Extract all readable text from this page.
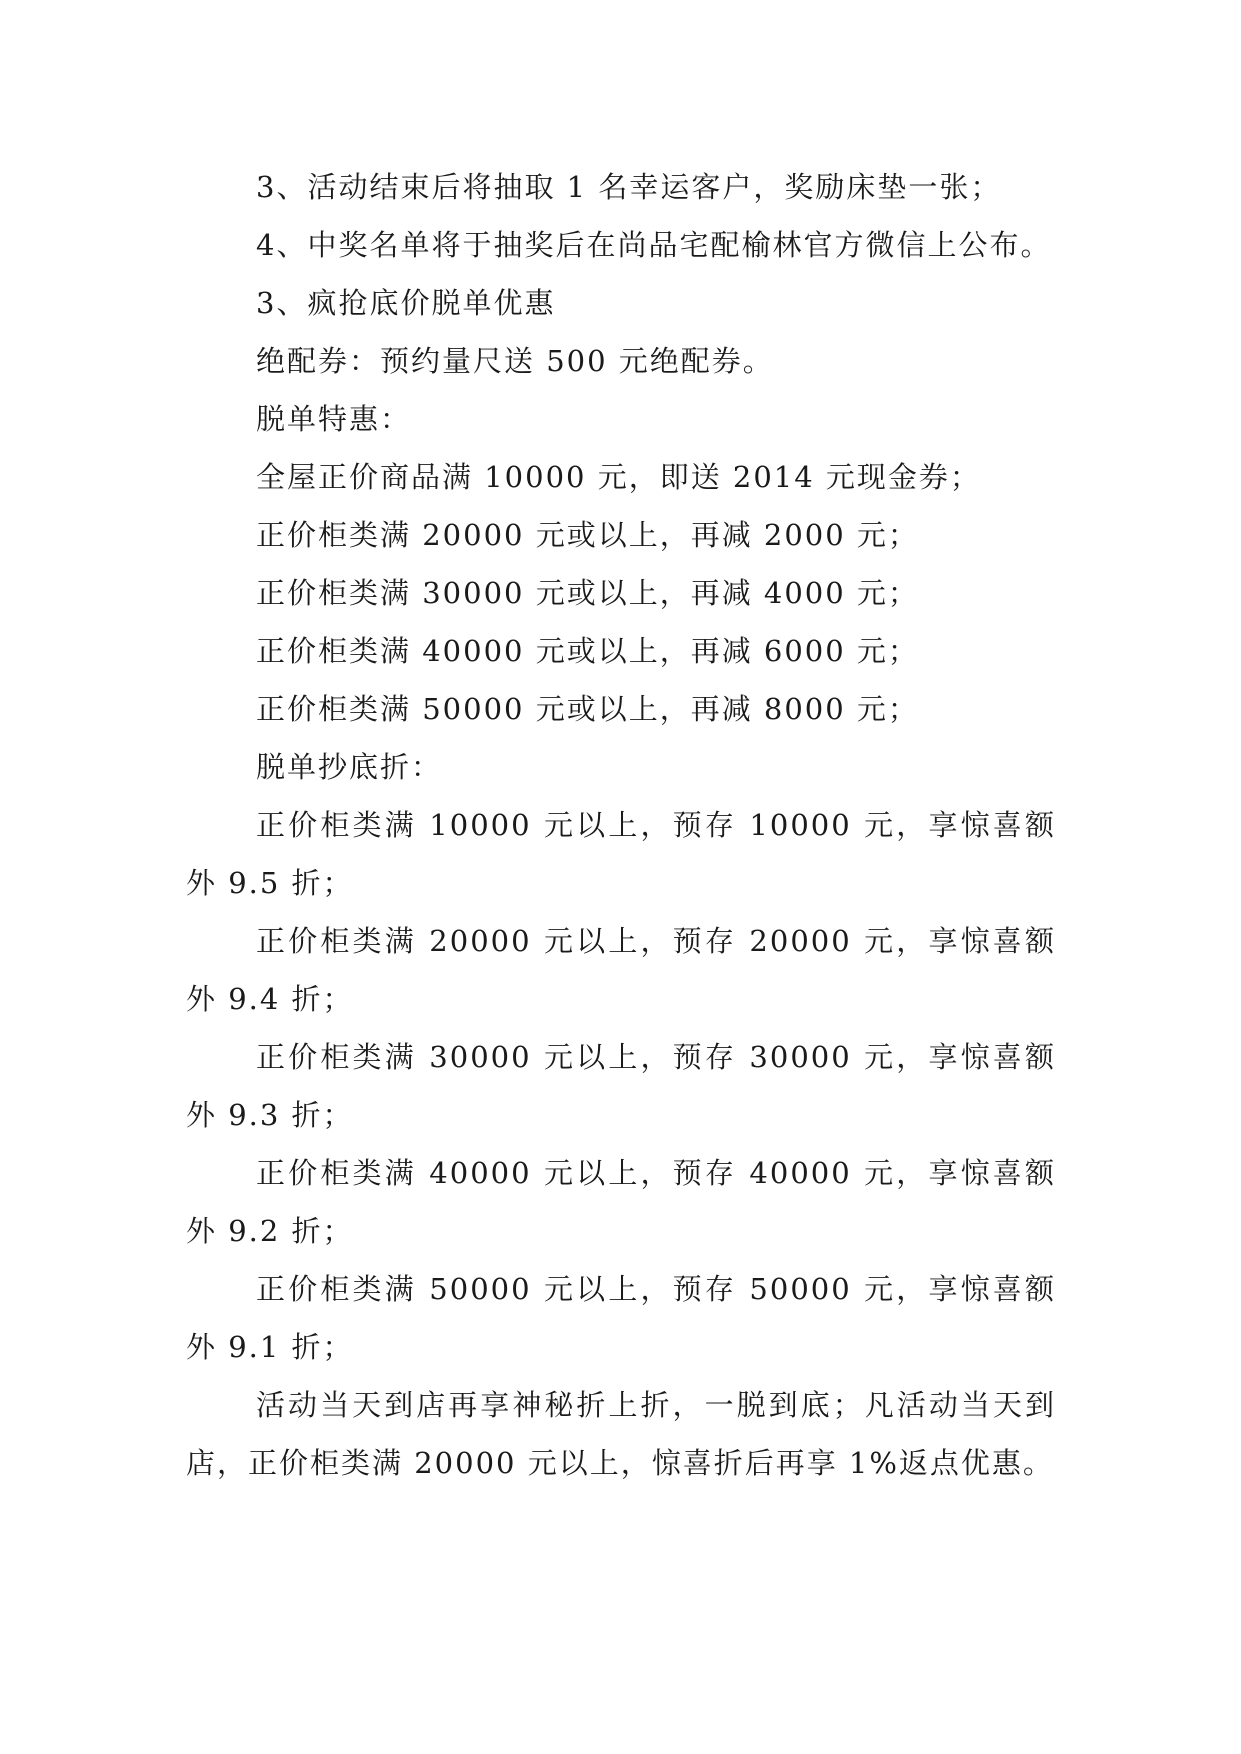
3、活动结束后将抽取 1 名幸运客户，奖励床垫一张；

4、中奖名单将于抽奖后在尚品宅配榆林官方微信上公布。

3、疯抢底价脱单优惠

绝配券：预约量尺送 500 元绝配券。

脱单特惠：

全屋正价商品满 10000 元，即送 2014 元现金券；

正价柜类满 20000 元或以上，再减 2000 元；

正价柜类满 30000 元或以上，再减 4000 元；

正价柜类满 40000 元或以上，再减 6000 元；

正价柜类满 50000 元或以上，再减 8000 元；

脱单抄底折：

正价柜类满 10000 元以上，预存 10000 元，享惊喜额外 9.5 折；

正价柜类满 20000 元以上，预存 20000 元，享惊喜额外 9.4 折；

正价柜类满 30000 元以上，预存 30000 元，享惊喜额外 9.3 折；

正价柜类满 40000 元以上，预存 40000 元，享惊喜额外 9.2 折；

正价柜类满 50000 元以上，预存 50000 元，享惊喜额外 9.1 折；

活动当天到店再享神秘折上折，一脱到底；凡活动当天到店，正价柜类满 20000 元以上，惊喜折后再享 1%返点优惠。
